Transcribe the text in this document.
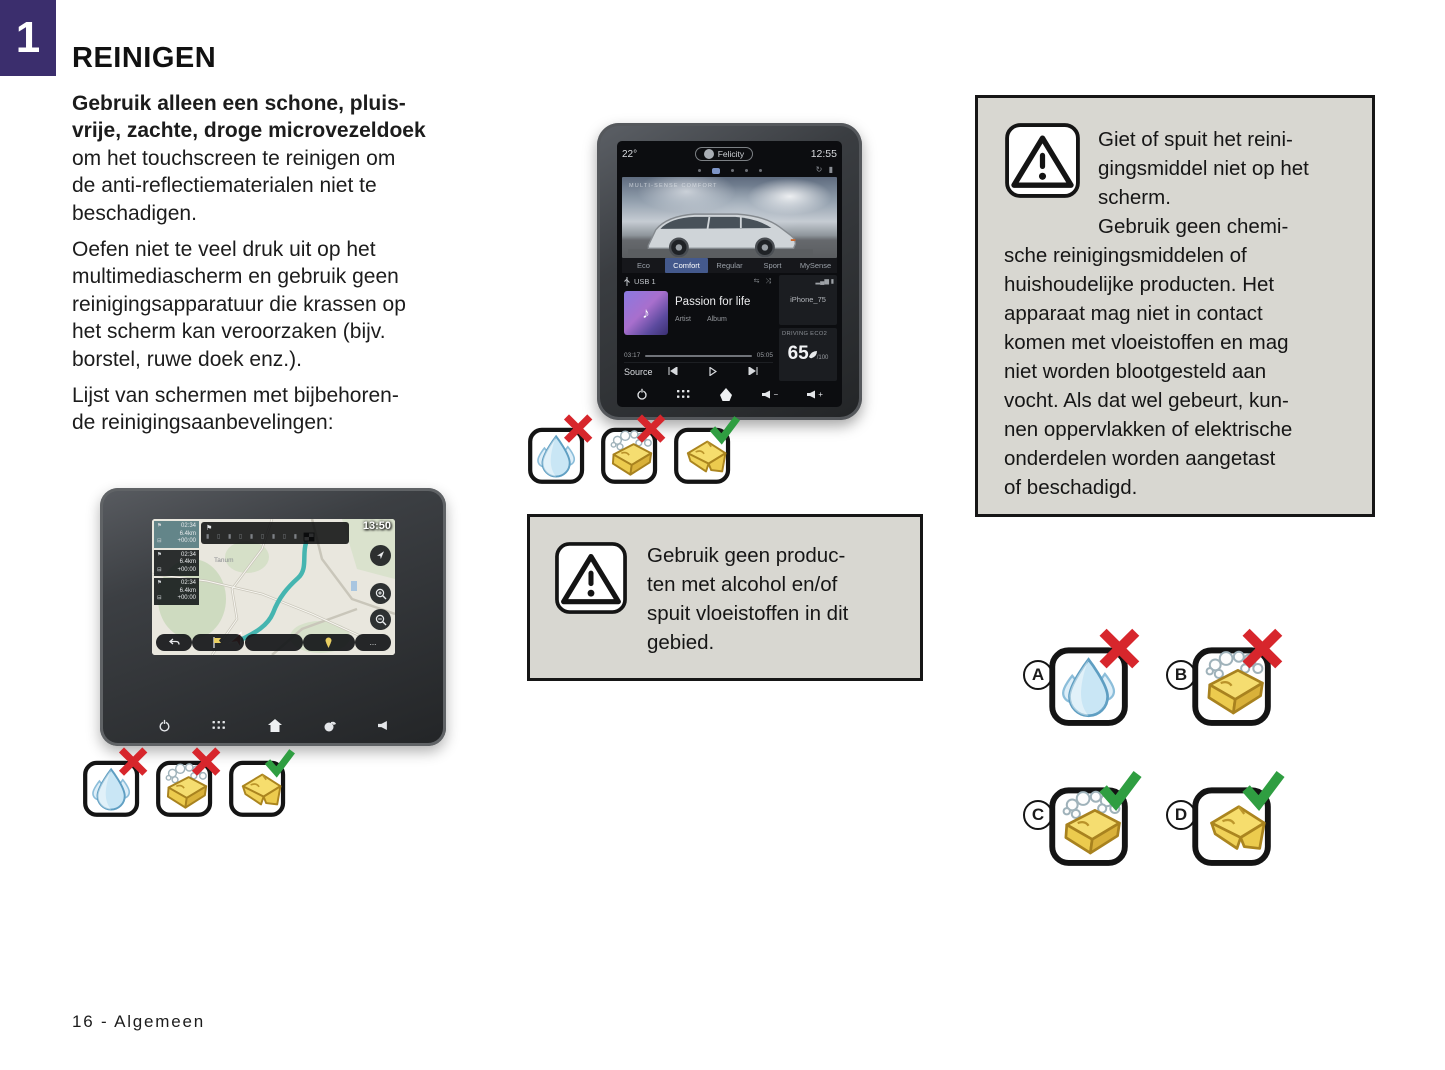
1	REINIGEN

Gebruik alleen een schone, pluis-
vrije, zachte, droge microvezeldoek
om het touchscreen te reinigen om
de anti-reflectiematerialen niet te
beschadigen.

Oefen niet te veel druk uit op het
multimediascherm en gebruik geen
reinigingsapparatuur die krassen op
het scherm kan veroorzaken (bijv.
borstel, ruwe doek enz.).

Lijst van schermen met bijbehoren-
de reinigingsaanbevelingen:

22°	Felicity	12:55
↻ ▮
MULTI-SENSE COMFORT
Eco	Comfort	Regular	Sport	MySense
USB 1	⇆ ⤨
♪
Passion for life
Artist Album
03:17	05:05
Source
▂▄▆ ▮
iPhone_75
DRIVING ECO2
65 /100
−	+
Gebruik geen produc-
ten met alcohol en/of
spuit vloeistoffen in dit
gebied.
Giet of spuit het reini-
gingsmiddel niet op het
scherm.
Gebruik geen chemi-
sche reinigingsmiddelen of
huishoudelijke producten. Het
apparaat mag niet in contact
komen met vloeistoffen en mag
niet worden blootgesteld aan
vocht. Als dat wel gebeurt, kun-
nen oppervlakken of elektrische
onderdelen worden aangetast
of beschadigd.
⚑	02:34
6.4km

⊟	+00:00
⚑	02:34
6.4km

⊟	+00:00
⚑	02:34
6.4km

⊟	+00:00
⚑
▮ ▯ ▮ ▯ ▮ ▯ ▮ ▯ ▮
13:50
Tanum
...
A	B
C	D
16 - Algemeen
